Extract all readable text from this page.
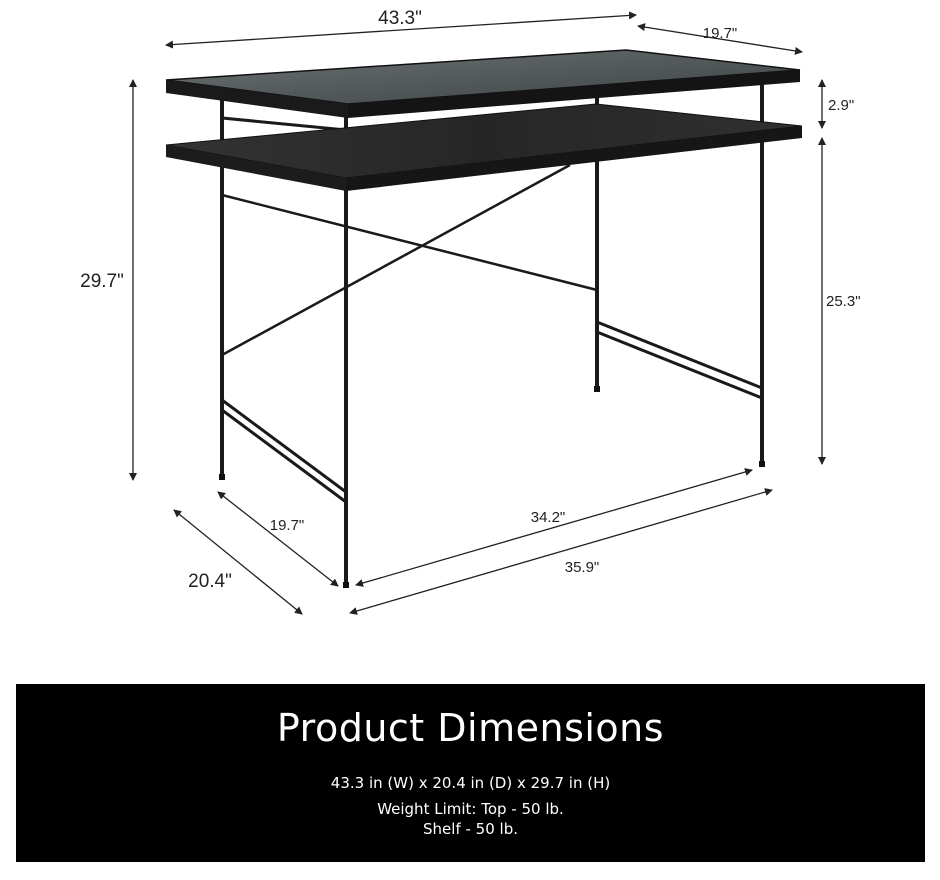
43.3"
19.7"
2.9"
29.7"
25.3"
19.7"
20.4"
34.2"
35.9"
Product Dimensions
43.3 in (W) x 20.4 in (D) x 29.7 in (H)
Weight Limit: Top - 50 lb.
Shelf - 50 lb.
